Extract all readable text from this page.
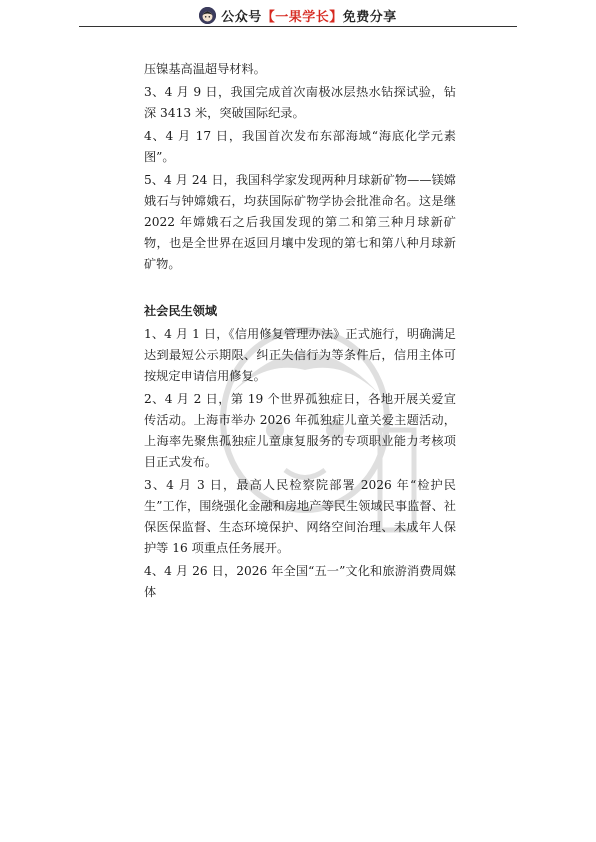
公众号【一果学长】免费分享

压镍基高温超导材料。

3、4 月 9 日，我国完成首次南极冰层热水钻探试验，钻深 3413 米，突破国际纪录。

4、4 月 17 日，我国首次发布东部海域“海底化学元素图”。

5、4 月 24 日，我国科学家发现两种月球新矿物——镁嫦娥石与钟嫦娥石，均获国际矿物学协会批准命名。这是继 2022 年嫦娥石之后我国发现的第二和第三种月球新矿物，也是全世界在返回月壤中发现的第七和第八种月球新矿物。

社会民生领域

1、4 月 1 日，《信用修复管理办法》正式施行，明确满足达到最短公示期限、纠正失信行为等条件后，信用主体可按规定申请信用修复。

2、4 月 2 日，第 19 个世界孤独症日，各地开展关爱宣传活动。上海市举办 2026 年孤独症儿童关爱主题活动，上海率先聚焦孤独症儿童康复服务的专项职业能力考核项目正式发布。

3、4 月 3 日，最高人民检察院部署 2026 年“检护民生”工作，围绕强化金融和房地产等民生领域民事监督、社保医保监督、生态环境保护、网络空间治理、未成年人保护等 16 项重点任务展开。

4、4 月 26 日，2026 年全国“五一”文化和旅游消费周媒体
